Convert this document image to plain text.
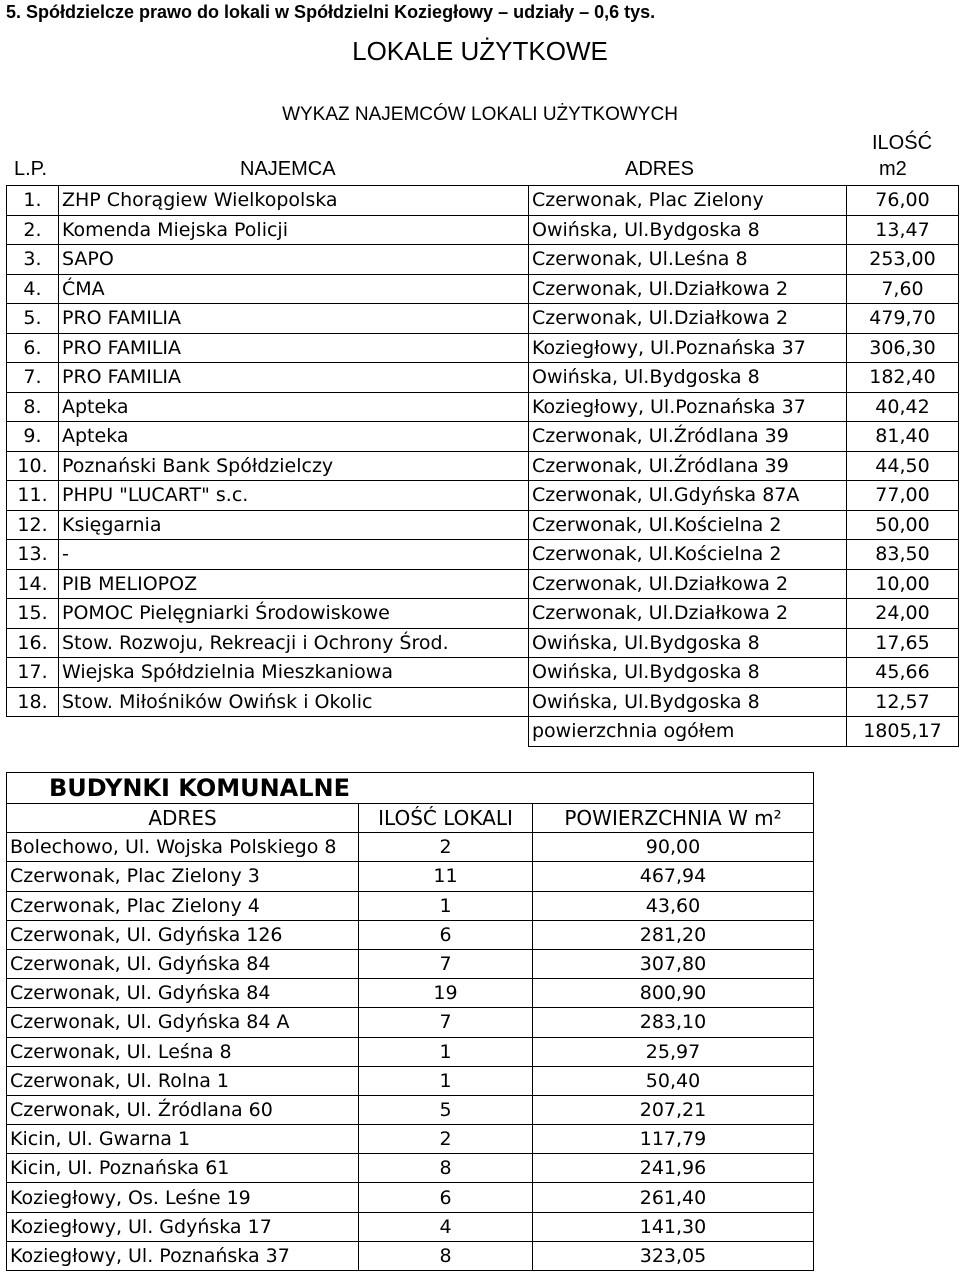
5. Spółdzielcze prawo do lokali w Spółdzielni Koziegłowy – udziały – 0,6 tys.
LOKALE UŻYTKOWE
WYKAZ NAJEMCÓW LOKALI UŻYTKOWYCH
L.P.	NAJEMCA	ADRES
ILOŚĆ
m2
1.	ZHP Chorągiew Wielkopolska	Czerwonak, Plac Zielony	76,00
2.	Komenda Miejska Policji	Owińska, Ul.Bydgoska 8	13,47
3.	SAPO	Czerwonak, Ul.Leśna 8	253,00
4.	ĆMA	Czerwonak, Ul.Działkowa 2	7,60
5.	PRO FAMILIA	Czerwonak, Ul.Działkowa 2	479,70
6.	PRO FAMILIA	Koziegłowy, Ul.Poznańska 37	306,30
7.	PRO FAMILIA	Owińska, Ul.Bydgoska 8	182,40
8.	Apteka	Koziegłowy, Ul.Poznańska 37	40,42
9.	Apteka	Czerwonak, Ul.Źródlana 39	81,40
10.	Poznański Bank Spółdzielczy	Czerwonak, Ul.Źródlana 39	44,50
11.	PHPU "LUCART" s.c.	Czerwonak, Ul.Gdyńska 87A	77,00
12.	Księgarnia	Czerwonak, Ul.Kościelna 2	50,00
13.	-	Czerwonak, Ul.Kościelna 2	83,50
14.	PIB MELIOPOZ	Czerwonak, Ul.Działkowa 2	10,00
15.	POMOC Pielęgniarki Środowiskowe	Czerwonak, Ul.Działkowa 2	24,00
16.	Stow. Rozwoju, Rekreacji i Ochrony Środ.	Owińska, Ul.Bydgoska 8	17,65
17.	Wiejska Spółdzielnia Mieszkaniowa	Owińska, Ul.Bydgoska 8	45,66
18.	Stow. Miłośników Owińsk i Okolic	Owińska, Ul.Bydgoska 8	12,57
		powierzchnia ogółem	1805,17
BUDYNKI KOMUNALNE		
ADRES	ILOŚĆ LOKALI	POWIERZCHNIA W m²
Bolechowo, Ul. Wojska Polskiego 8	2	90,00
Czerwonak, Plac Zielony 3	11	467,94
Czerwonak, Plac Zielony 4	1	43,60
Czerwonak, Ul. Gdyńska 126	6	281,20
Czerwonak, Ul. Gdyńska 84	7	307,80
Czerwonak, Ul. Gdyńska 84	19	800,90
Czerwonak, Ul. Gdyńska 84 A	7	283,10
Czerwonak, Ul. Leśna 8	1	25,97
Czerwonak, Ul. Rolna 1	1	50,40
Czerwonak, Ul. Źródlana 60	5	207,21
Kicin, Ul. Gwarna 1	2	117,79
Kicin, Ul. Poznańska 61	8	241,96
Koziegłowy, Os. Leśne 19	6	261,40
Koziegłowy, Ul. Gdyńska 17	4	141,30
Koziegłowy, Ul. Poznańska 37	8	323,05
